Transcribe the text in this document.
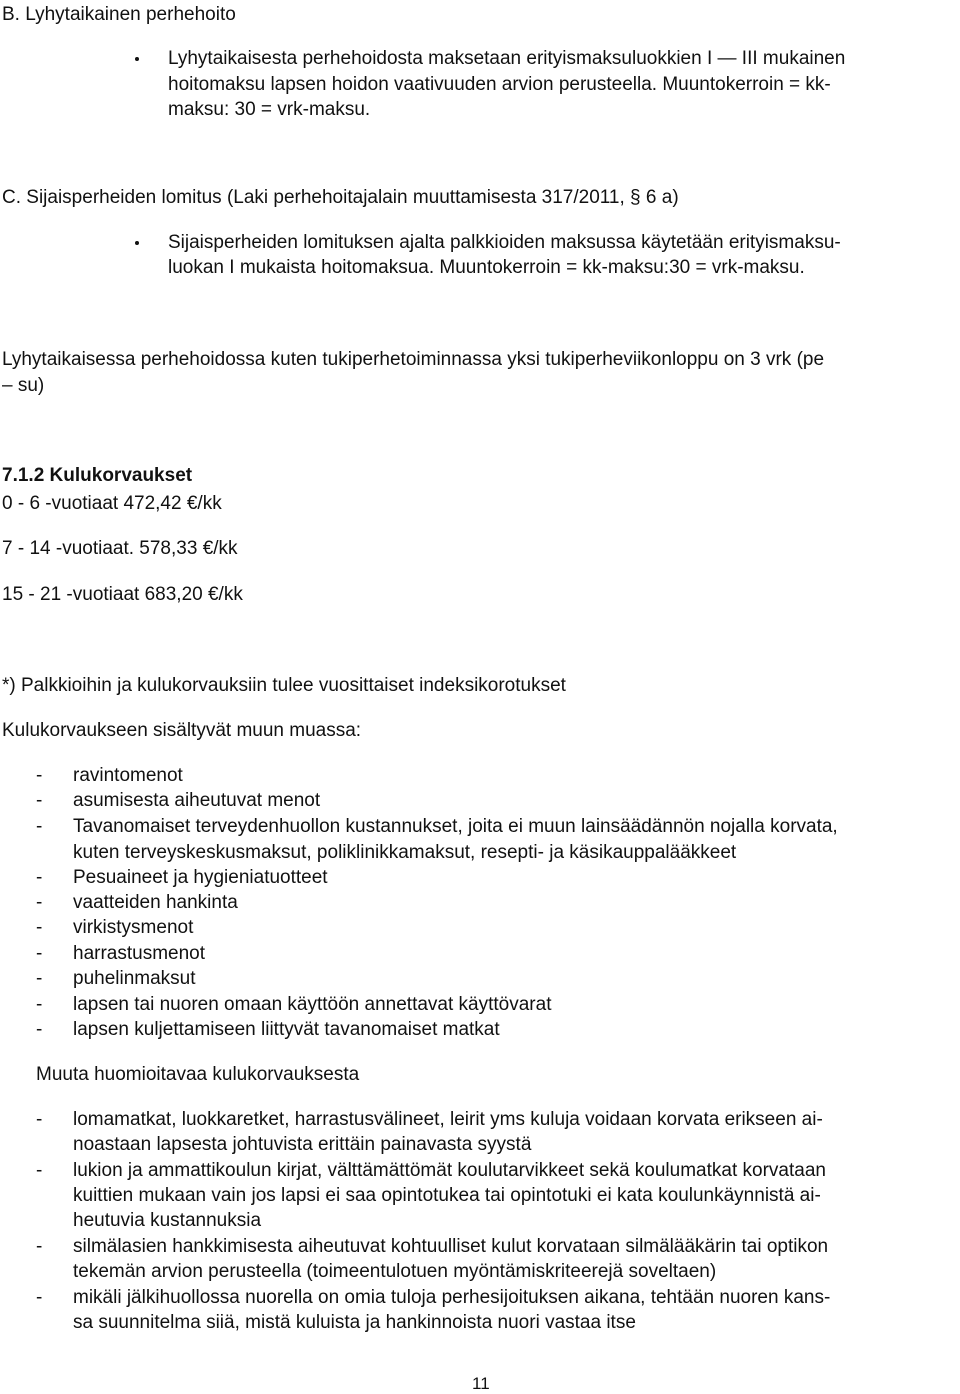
B. Lyhytaikainen perhehoito
Lyhytaikaisesta perhehoidosta maksetaan erityismaksuluokkien I — III mukainen
hoitomaksu lapsen hoidon vaativuuden arvion perusteella. Muuntokerroin = kk-
maksu: 30 = vrk-maksu.
C. Sijaisperheiden lomitus (Laki perhehoitajalain muuttamisesta 317/2011, § 6 a)
Sijaisperheiden lomituksen ajalta palkkioiden maksussa käytetään erityismaksu-
luokan I mukaista hoitomaksua. Muuntokerroin = kk-maksu:30 = vrk-maksu.
Lyhytaikaisessa perhehoidossa kuten tukiperhetoiminnassa yksi tukiperheviikonloppu on 3 vrk (pe
– su)
7.1.2 Kulukorvaukset
0 - 6 -vuotiaat 472,42 €/kk
7 - 14 -vuotiaat. 578,33 €/kk
15 - 21 -vuotiaat 683,20 €/kk
*) Palkkioihin ja kulukorvauksiin tulee vuosittaiset indeksikorotukset
Kulukorvaukseen sisältyvät muun muassa:
- ravintomenot
- asumisesta aiheutuvat menot
- Tavanomaiset terveydenhuollon kustannukset, joita ei muun lainsäädännön nojalla korvata,
kuten terveyskeskusmaksut, poliklinikkamaksut, resepti- ja käsikauppalääkkeet
- Pesuaineet ja hygieniatuotteet
- vaatteiden hankinta
- virkistysmenot
- harrastusmenot
- puhelinmaksut
- lapsen tai nuoren omaan käyttöön annettavat käyttövarat
- lapsen kuljettamiseen liittyvät tavanomaiset matkat
Muuta huomioitavaa kulukorvauksesta
- lomamatkat, luokkaretket, harrastusvälineet, leirit yms kuluja voidaan korvata erikseen ai-
noastaan lapsesta johtuvista erittäin painavasta syystä
- lukion ja ammattikoulun kirjat, välttämättömät koulutarvikkeet sekä koulumatkat korvataan
kuittien mukaan vain jos lapsi ei saa opintotukea tai opintotuki ei kata koulunkäynnistä ai-
heutuvia kustannuksia
- silmälasien hankkimisesta aiheutuvat kohtuulliset kulut korvataan silmälääkärin tai optikon
tekemän arvion perusteella (toimeentulotuen myöntämiskriteerejä soveltaen)
- mikäli jälkihuollossa nuorella on omia tuloja perhesijoituksen aikana, tehtään nuoren kans-
sa suunnitelma siiä, mistä kuluista ja hankinnoista nuori vastaa itse
11
